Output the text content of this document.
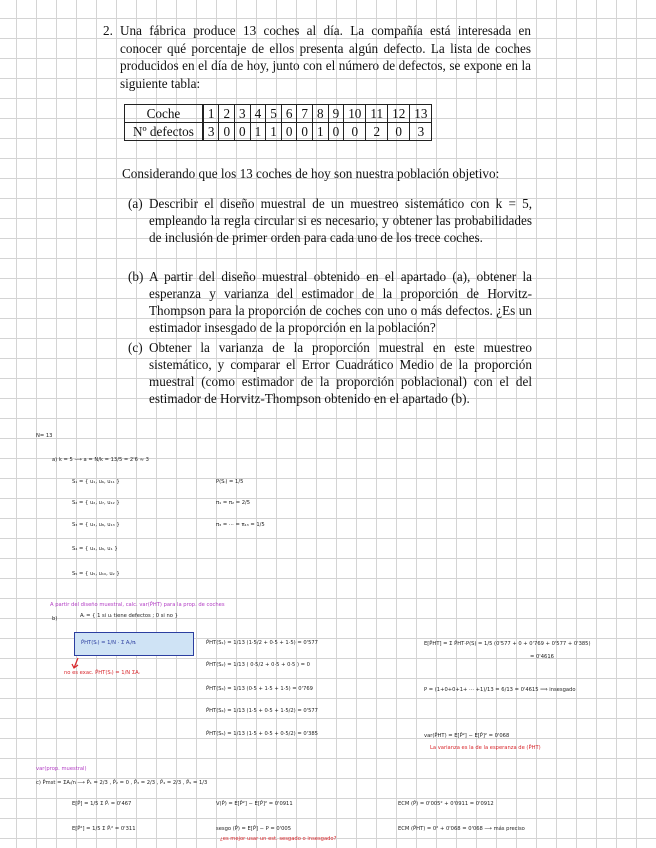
2. Una fábrica produce 13 coches al día. La compañía está interesada en conocer qué porcentaje de ellos presenta algún defecto. La lista de coches producidos en el día de hoy, junto con el número de defectos, se expone en la siguiente tabla:

Coche	1	2	3	4	5	6	7	8	9	10	11	12	13
Nº defectos	3	0	0	1	1	0	0	1	0	0	2	0	3

Considerando que los 13 coches de hoy son nuestra población objetivo:

(a) Describir el diseño muestral de un muestreo sistemático con k = 5, empleando la regla circular si es necesario, y obtener las probabilidades de inclusión de primer orden para cada uno de los trece coches.

(b) A partir del diseño muestral obtenido en el apartado (a), obtener la esperanza y varianza del estimador de la proporción de Horvitz-Thompson para la proporción de coches con uno o más defectos. ¿Es un estimador insesgado de la proporción en la población?

(c) Obtener la varianza de la proporción muestral en este muestreo sistemático, y comparar el Error Cuadrático Medio de la proporción muestral (como estimador de la proporción poblacional) con el del estimador de Horvitz-Thompson obtenido en el apartado (b).

N= 13
a) k = 5 ⟶ a = N/k = 13/5 = 2'6 ≈ 3
S₁ = { u₁, u₆, u₁₁ }
S₂ = { u₂, u₇, u₁₂ }
S₃ = { u₃, u₈, u₁₃ }
S₄ = { u₄, u₉, u₁ }
S₅ = { u₅, u₁₀, u₂ }
P(Sᵢ) = 1/5
π₁ = π₂ = 2/5
π₃ = ··· = π₁₃ = 1/5
A partir del diseño muestral, calc. var(P̂HT) para la prop. de coches
b)	Aᵢ = { 1 si uᵢ tiene defectos ; 0 si no }
P̂HT(Sᵢ) = 1/N · Σ Aᵢ/πᵢ
no es exac. P̂HT(Sᵢ) = 1/N ΣAᵢ
P̂HT(S₁) = 1/13 (1·5/2 + 0·5 + 1·5) = 0'577
P̂HT(S₂) = 1/13 ( 0·5/2 + 0·5 + 0·5 ) = 0
P̂HT(S₃) = 1/13 (0·5 + 1·5 + 1·5) = 0'769
P̂HT(S₄) = 1/13 (1·5 + 0·5 + 1·5/2) = 0'577
P̂HT(S₅) = 1/13 (1·5 + 0·5 + 0·5/2) = 0'385
E[P̂HT] = Σ P̂HT·P(S) = 1/5 (0'577 + 0 + 0'769 + 0'577 + 0'385)
= 0'4616
P = (1+0+0+1+ ··· +1)/13 = 6/13 = 0'4615 ⟹ insesgado
var(P̂HT) = E[P̂²] − E[P̂]² = 0'068
La varianza es la de la esperanza de (P̂HT)
var(prop. muestral)
c) P̂mst = ΣAᵢ/n ⟶ P̂₁ = 2/3 , P̂₂ = 0 , P̂₃ = 2/3 , P̂₄ = 2/3 , P̂₅ = 1/3
E[P̂] = 1/5 Σ P̂ᵢ = 0'467
E[P̂²] = 1/5 Σ P̂ᵢ² = 0'311
V(P̂) = E[P̂²] − E[P̂]² = 0'0911
sesgo (P̂) = E[P̂] − P = 0'005
¿es mejor usar un est. sesgado o insesgado?
ECM (P̂) = 0'005² + 0'0911 = 0'0912
ECM (P̂HT) = 0² + 0'068 = 0'068 ⟶ más preciso
